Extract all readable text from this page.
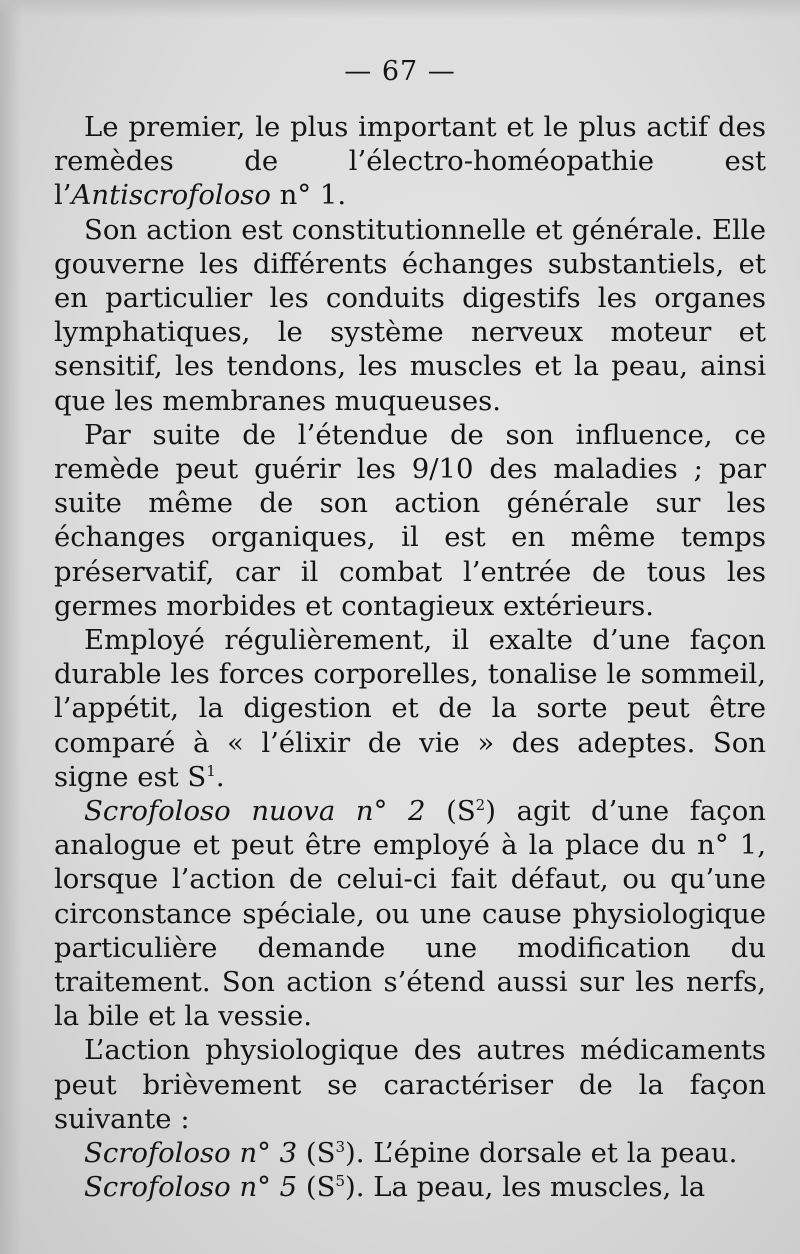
— 67 —

Le premier, le plus important et le plus actif des remèdes de l’électro-homéopathie est l’Antiscrofoloso n° 1.

Son action est constitutionnelle et générale. Elle gouverne les différents échanges substantiels, et en particulier les conduits digestifs les organes lymphatiques, le système nerveux moteur et sensitif, les tendons, les muscles et la peau, ainsi que les membranes muqueuses.

Par suite de l’étendue de son influence, ce remède peut guérir les 9/10 des maladies ; par suite même de son action générale sur les échanges organiques, il est en même temps préservatif, car il combat l’entrée de tous les germes morbides et contagieux extérieurs.

Employé régulièrement, il exalte d’une façon durable les forces corporelles, tonalise le sommeil, l’appétit, la digestion et de la sorte peut être comparé à « l’élixir de vie » des adeptes. Son signe est $S^1$.

Scrofoloso nuova n° 2 $(S^2)$ agit d’une façon analogue et peut être employé à la place du n° 1, lorsque l’action de celui-ci fait défaut, ou qu’une circonstance spéciale, ou une cause physiologique particulière demande une modification du traitement. Son action s’étend aussi sur les nerfs, la bile et la vessie.

L’action physiologique des autres médicaments peut brièvement se caractériser de la façon suivante :

Scrofoloso n° 3 $(S^3)$. L’épine dorsale et la peau.

Scrofoloso n° 5 $(S^5)$. La peau, les muscles, la
